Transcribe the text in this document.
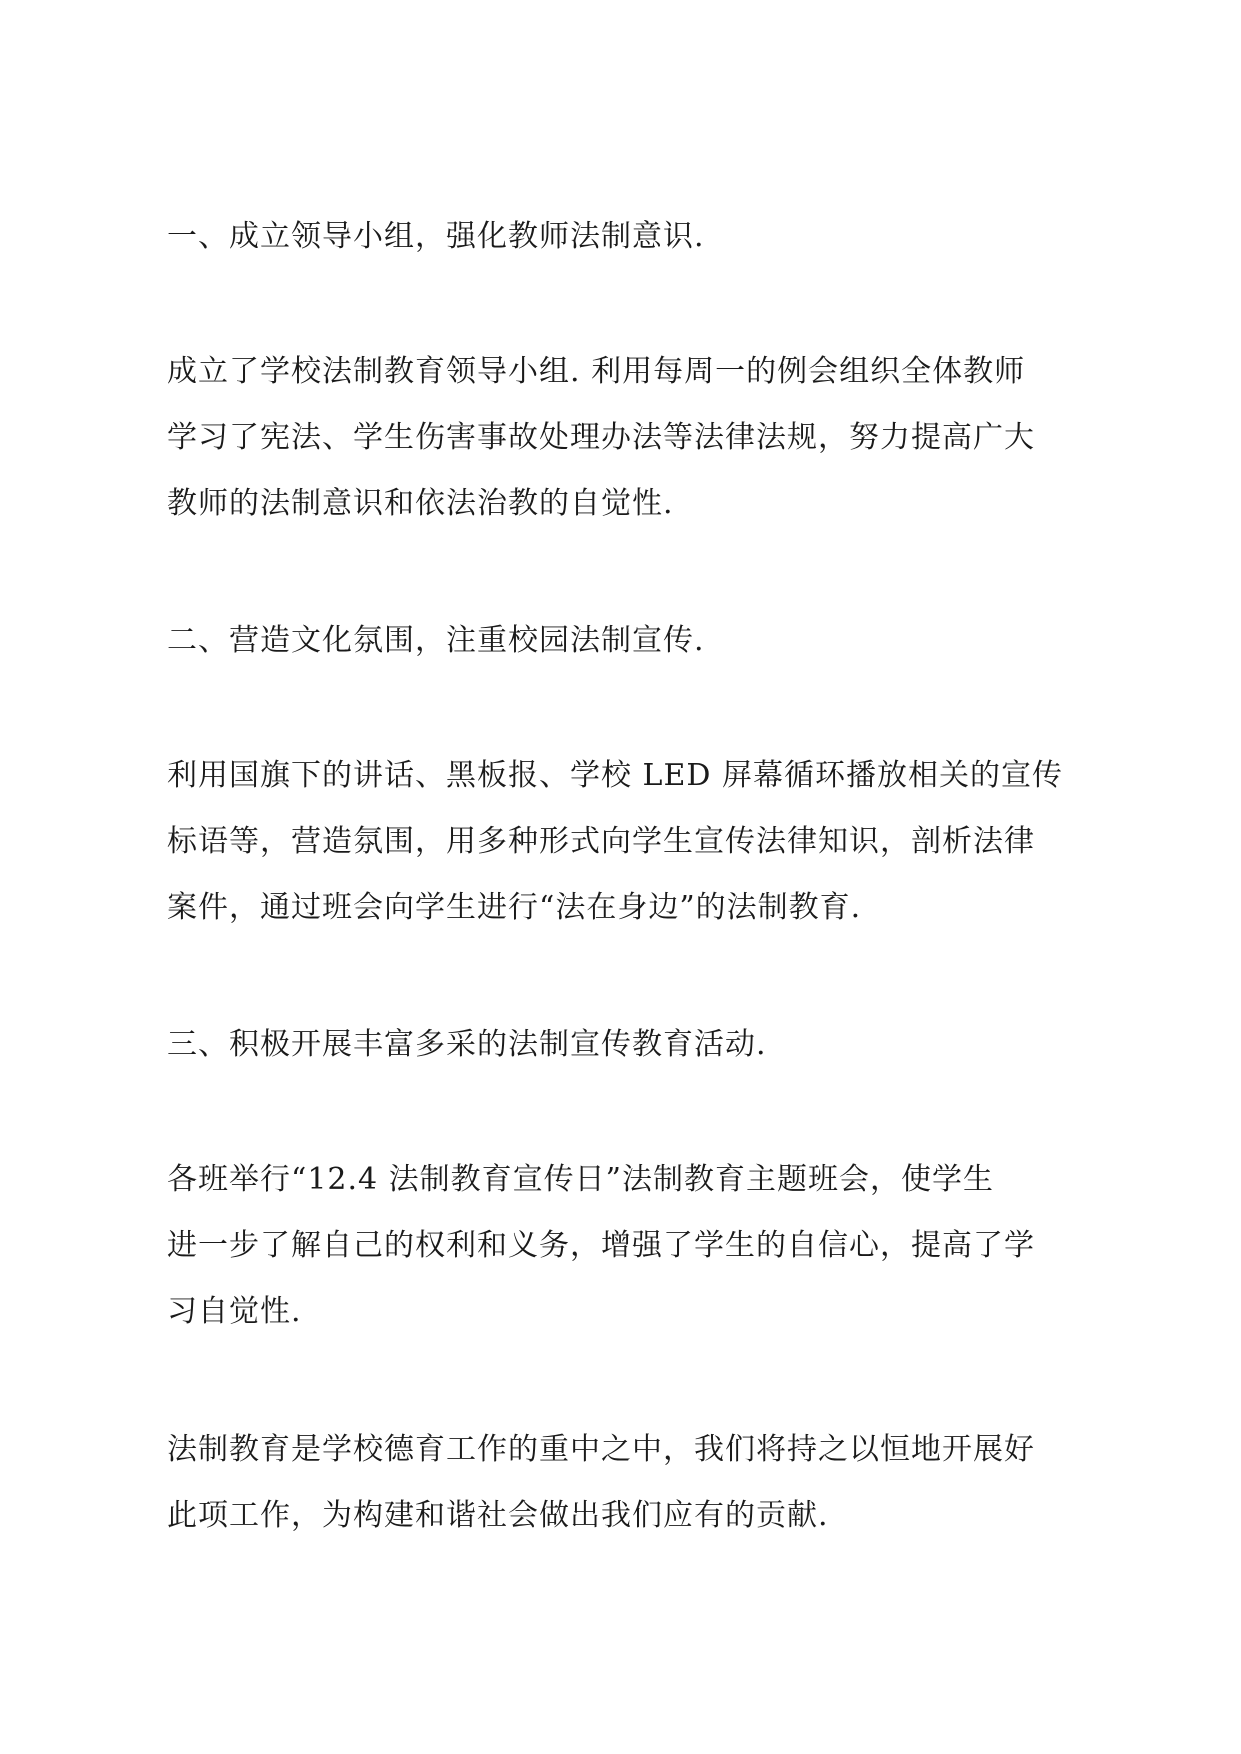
一、成立领导小组，强化教师法制意识.

成立了学校法制教育领导小组. 利用每周一的例会组织全体教师

学习了宪法、学生伤害事故处理办法等法律法规，努力提高广大

教师的法制意识和依法治教的自觉性.

二、营造文化氛围，注重校园法制宣传.

利用国旗下的讲话、黑板报、学校 LED 屏幕循环播放相关的宣传

标语等，营造氛围，用多种形式向学生宣传法律知识，剖析法律

案件，通过班会向学生进行“法在身边”的法制教育.

三、积极开展丰富多采的法制宣传教育活动.

各班举行“12.4 法制教育宣传日”法制教育主题班会，使学生

进一步了解自己的权利和义务，增强了学生的自信心，提高了学

习自觉性.

法制教育是学校德育工作的重中之中，我们将持之以恒地开展好

此项工作，为构建和谐社会做出我们应有的贡献.
